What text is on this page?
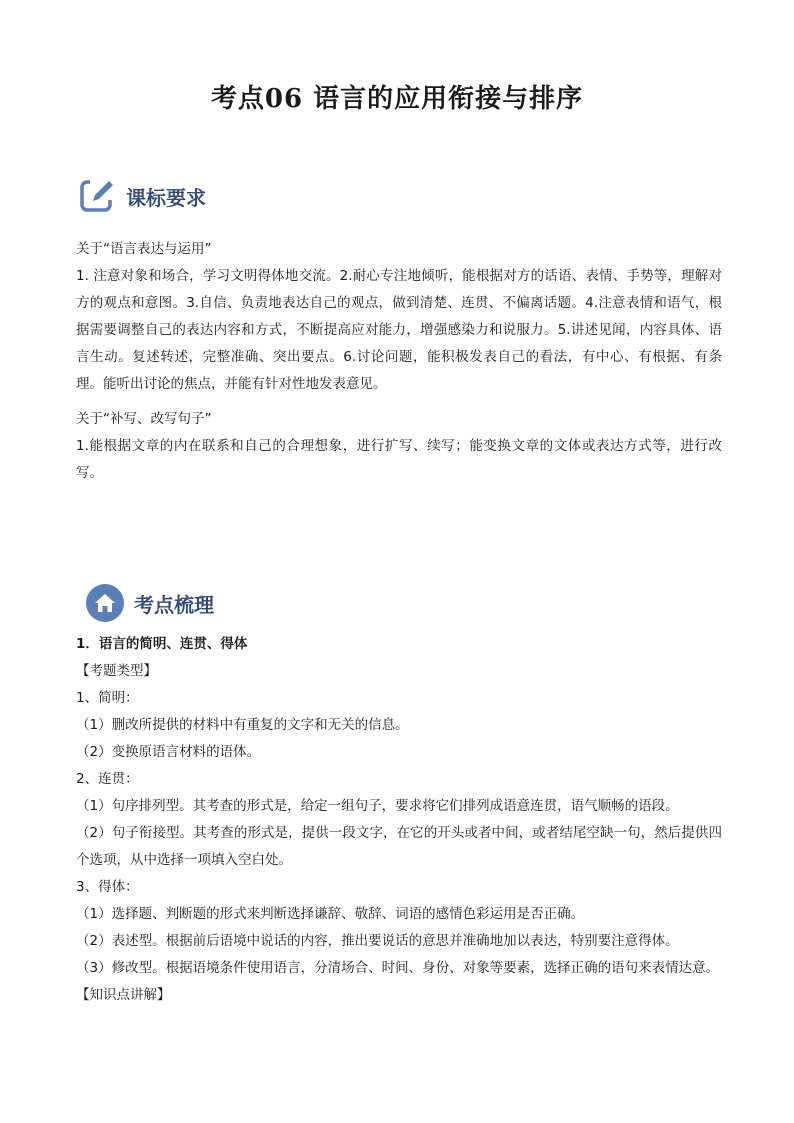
考点06 语言的应用衔接与排序
课标要求

关于“语言表达与运用”

1. 注意对象和场合，学习文明得体地交流。2.耐心专注地倾听，能根据对方的话语、表情、手势等，理解对方的观点和意图。3.自信、负责地表达自己的观点，做到清楚、连贯、不偏离话题。4.注意表情和语气，根据需要调整自己的表达内容和方式，不断提高应对能力，增强感染力和说服力。5.讲述见闻，内容具体、语言生动。复述转述，完整准确、突出要点。6.讨论问题，能积极发表自己的看法，有中心、有根据、有条理。能听出讨论的焦点，并能有针对性地发表意见。

关于“补写、改写句子”

1.能根据文章的内在联系和自己的合理想象，进行扩写、续写；能变换文章的文体或表达方式等，进行改写。

考点梳理

1．语言的简明、连贯、得体

【考题类型】

1、简明：

（1）删改所提供的材料中有重复的文字和无关的信息。

（2）变换原语言材料的语体。

2、连贯：

（1）句序排列型。其考查的形式是，给定一组句子，要求将它们排列成语意连贯，语气顺畅的语段。

（2）句子衔接型。其考查的形式是，提供一段文字，在它的开头或者中间，或者结尾空缺一句，然后提供四个选项，从中选择一项填入空白处。

3、得体：

（1）选择题、判断题的形式来判断选择谦辞、敬辞、词语的感情色彩运用是否正确。

（2）表述型。根据前后语境中说话的内容，推出要说话的意思并准确地加以表达，特别要注意得体。

（3）修改型。根据语境条件使用语言，分清场合、时间、身份、对象等要素，选择正确的语句来表情达意。

【知识点讲解】
